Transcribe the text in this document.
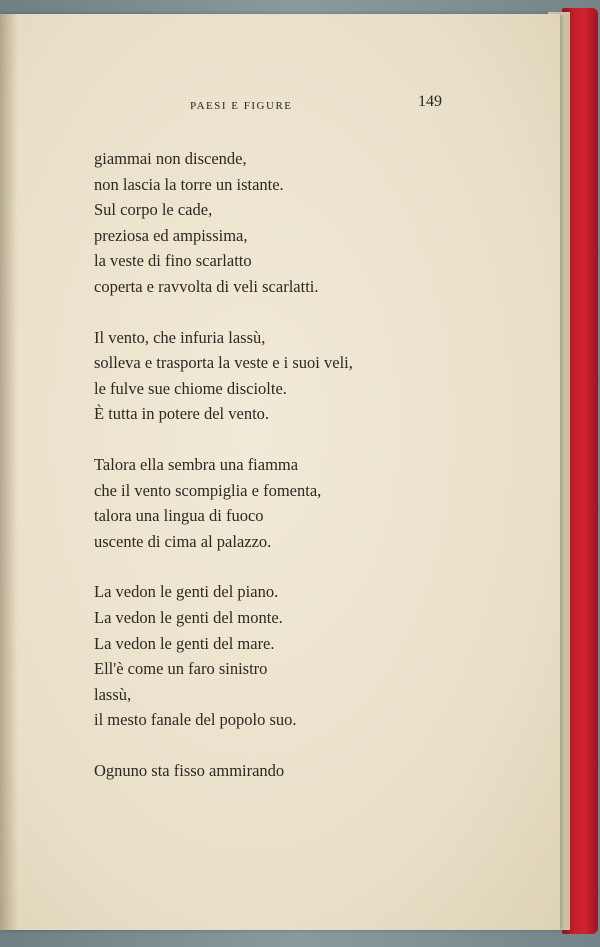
PAESI E FIGURE	149
giammai non discende,
non lascia la torre un istante.
Sul corpo le cade,
preziosa ed ampissima,
la veste di fino scarlatto
coperta e ravvolta di veli scarlatti.
Il vento, che infuria lassù,
solleva e trasporta la veste e i suoi veli,
le fulve sue chiome disciolte.
È tutta in potere del vento.
Talora ella sembra una fiamma
che il vento scompiglia e fomenta,
talora una lingua di fuoco
uscente di cima al palazzo.
La vedon le genti del piano.
La vedon le genti del monte.
La vedon le genti del mare.
Ell'è come un faro sinistro
lassù,
il mesto fanale del popolo suo.
Ognuno sta fisso ammirando
